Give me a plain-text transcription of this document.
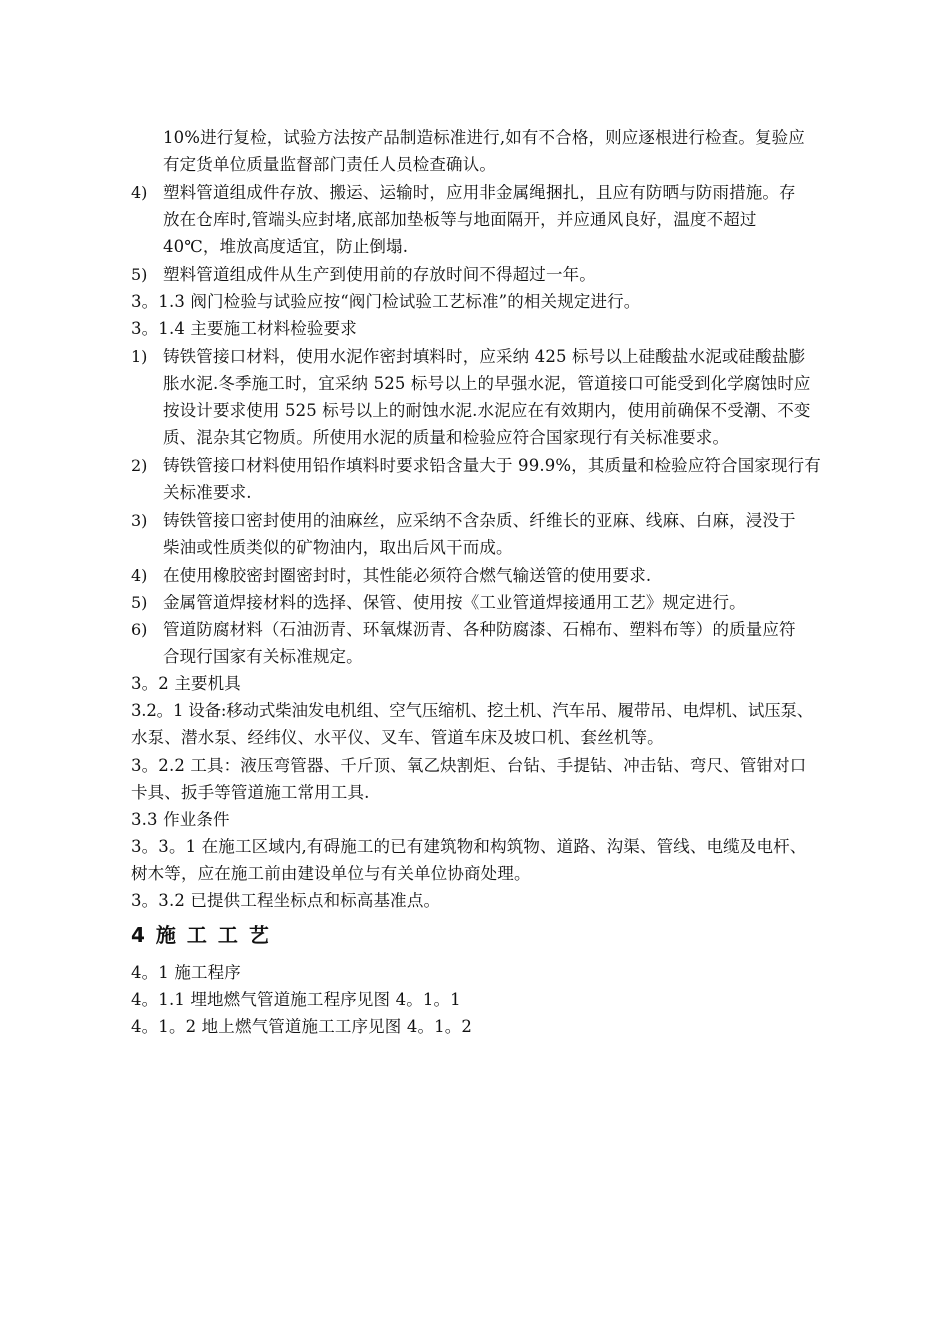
10%进行复检，试验方法按产品制造标准进行,如有不合格，则应逐根进行检查。复验应
有定货单位质量监督部门责任人员检查确认。
4) 塑料管道组成件存放、搬运、运输时，应用非金属绳捆扎，且应有防晒与防雨措施。存
放在仓库时,管端头应封堵,底部加垫板等与地面隔开，并应通风良好，温度不超过
40℃，堆放高度适宜，防止倒塌.
5) 塑料管道组成件从生产到使用前的存放时间不得超过一年。
3。1.3 阀门检验与试验应按“阀门检试验工艺标准”的相关规定进行。
3。1.4 主要施工材料检验要求
1) 铸铁管接口材料，使用水泥作密封填料时，应采纳 425 标号以上硅酸盐水泥或硅酸盐膨
胀水泥.冬季施工时，宜采纳 525 标号以上的早强水泥，管道接口可能受到化学腐蚀时应
按设计要求使用 525 标号以上的耐蚀水泥.水泥应在有效期内，使用前确保不受潮、不变
质、混杂其它物质。所使用水泥的质量和检验应符合国家现行有关标准要求。
2) 铸铁管接口材料使用铅作填料时要求铅含量大于 99.9%，其质量和检验应符合国家现行有
关标准要求.
3) 铸铁管接口密封使用的油麻丝，应采纳不含杂质、纤维长的亚麻、线麻、白麻，浸没于
柴油或性质类似的矿物油内，取出后风干而成。
4) 在使用橡胶密封圈密封时，其性能必须符合燃气输送管的使用要求.
5) 金属管道焊接材料的选择、保管、使用按《工业管道焊接通用工艺》规定进行。
6) 管道防腐材料（石油沥青、环氧煤沥青、各种防腐漆、石棉布、塑料布等）的质量应符
合现行国家有关标准规定。
3。2 主要机具
3.2。1 设备:移动式柴油发电机组、空气压缩机、挖土机、汽车吊、履带吊、电焊机、试压泵、
水泵、潜水泵、经纬仪、水平仪、叉车、管道车床及坡口机、套丝机等。
3。2.2 工具：液压弯管器、千斤顶、氧乙炔割炬、台钻、手提钻、冲击钻、弯尺、管钳对口
卡具、扳手等管道施工常用工具.
3.3 作业条件
3。3。1 在施工区域内,有碍施工的已有建筑物和构筑物、道路、沟渠、管线、电缆及电杆、
树木等，应在施工前由建设单位与有关单位协商处理。
3。3.2 已提供工程坐标点和标高基准点。
4 施 工 工 艺
4。1 施工程序
4。1.1 埋地燃气管道施工程序见图 4。1。1
4。1。2 地上燃气管道施工工序见图 4。1。2
